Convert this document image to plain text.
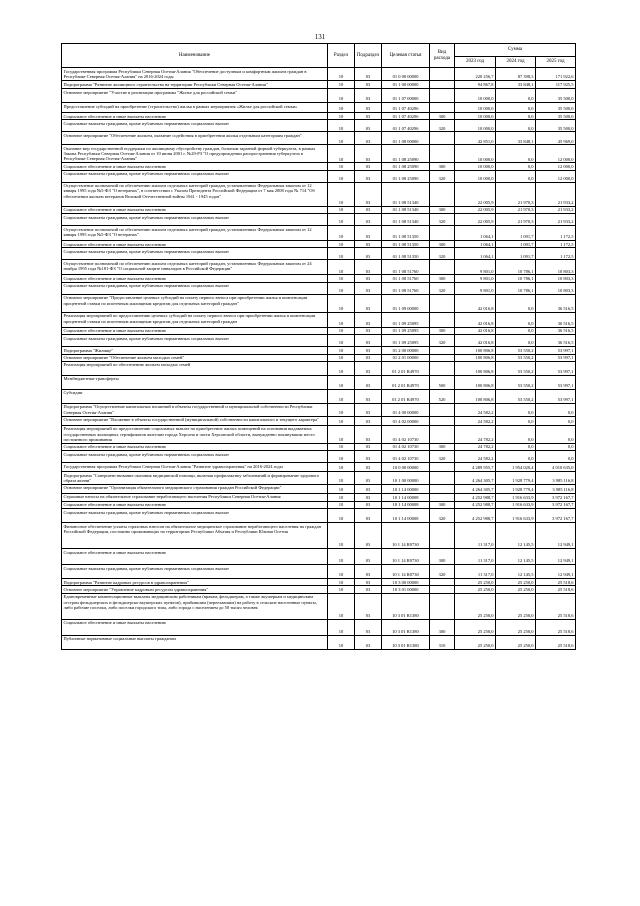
131
Наименование	Раздел	Подраздел	Целевая статья	Вид расхода	Сумма		
					2023 год	2024 год	2025 год
Государственная программа Республики Северная Осетия-Алания "Обеспечение доступным и комфортным жильем граждан в Республике Северная Осетия-Алания" на 2016-2024 годы	10	03	01 0 00 00000		220 256,7	87 398,3	171 922,6
Подпрограмма "Развитие жилищного строительства на территории Республики Северная Осетия-Алания"	10	03	01 1 00 00000		94 867,8	33 848,1	117 925,5
Основное мероприятие "Участие в реализации программы "Жилье для российской семьи"	10	03	01 1 07 00000		10 000,0	0,0	35 500,0
Предоставление субсидий на приобретение (строительство) жилья в рамках мероприятия «Жилье для российской семьи»	10	03	01 1 07 40296		10 000,0	0,0	35 500,0
Социальное обеспечение и иные выплаты населению	10	03	01 1 07 40296	300	10 000,0	0,0	35 500,0
Социальные выплаты гражданам, кроме публичных нормативных социальных выплат	10	03	01 1 07 40296	320	10 000,0	0,0	35 500,0
Основное мероприятие "Обеспечение жильем, оказание содействия в приобретении жилья отдельным категориям граждан"	10	03	01 1 08 00000		42 851,0	33 848,1	45 969,0
Оказание мер государственной поддержки по жилищному обустройству граждан, больным заразной формой туберкулеза, в рамках Закона Республики Северная Осетия-Алания от 10 июня 2001 г. №29-РЗ "О предупреждении распространения туберкулеза в Республике Северная Осетия-Алания"	10	03	01 1 08 25090		10 000,0	0,0	12 000,0
Социальное обеспечение и иные выплаты населению	10	03	01 1 08 25090	300	10 000,0	0,0	12 000,0
Социальные выплаты гражданам, кроме публичных нормативных социальных выплат	10	03	01 1 08 25090	320	10 000,0	0,0	12 000,0
Осуществление полномочий по обеспечению жильем отдельных категорий граждан, установленных Федеральным законом от 12 января 1995 года №5-ФЗ "О ветеранах", в соответствии с Указом Президента Российской Федерации от 7 мая 2008 года № 714 "Об обеспечении жильем ветеранов Великой Отечественной войны 1941 - 1945 годов"	10	03	01 1 08 51340		22 005,9	21 970,3	21 933,2
Социальное обеспечение и иные выплаты населению	10	03	01 1 08 51340	300	22 005,9	21 970,3	21 933,2
Социальные выплаты гражданам, кроме публичных нормативных социальных выплат	10	03	01 1 08 51340	320	22 005,9	21 970,3	21 933,2
Осуществление полномочий по обеспечению жильем отдельных категорий граждан, установленных Федеральным законом от 12 января 1995 года №5-ФЗ "О ветеранах"	10	03	01 1 08 51350		1 064,1	1 091,7	1 172,5
Социальное обеспечение и иные выплаты населению	10	03	01 1 08 51350	300	1 064,1	1 091,7	1 172,5
Социальные выплаты гражданам, кроме публичных нормативных социальных выплат	10	03	01 1 08 51350	320	1 064,1	1 091,7	1 172,5
Осуществление полномочий по обеспечению жильем отдельных категорий граждан, установленных Федеральным законом от 24 ноября 1995 года №181-ФЗ "О социальной защите инвалидов в Российской Федерации"	10	03	01 1 08 51760		9 801,0	10 786,1	10 803,3
Социальное обеспечение и иные выплаты населению	10	03	01 1 08 51760	300	9 801,0	10 786,1	10 803,3
Социальные выплаты гражданам, кроме публичных нормативных социальных выплат	10	03	01 1 08 51760	320	9 801,0	10 786,1	10 803,3
Основное мероприятие "Предоставление целевых субсидий на оплату первого взноса при приобретении жилья и компенсации процентной ставки по ипотечным жилищным кредитам для отдельных категорий граждан"	10	03	01 1 09 00000		42 016,8	0,0	36 516,5
Реализация мероприятий по предоставлению целевых субсидий на оплату первого взноса при приобретении жилья и компенсации процентной ставки по ипотечным жилищным кредитам для отдельных категорий граждан	10	03	01 1 09 25095		42 016,8	0,0	36 516,5
Социальное обеспечение и иные выплаты населению	10	03	01 1 09 25095	300	42 016,8	0,0	36 516,5
Социальные выплаты гражданам, кроме публичных нормативных социальных выплат	10	03	01 1 09 25095	320	42 016,8	0,0	36 516,5
Подпрограмма "Жилище"	10	03	01 2 00 00000		100 806,8	53 550,2	53 997,1
Основное мероприятие "Обеспечение жильем молодых семей"	10	03	01 2 01 00000		100 806,8	53 550,2	53 997,1
Реализация мероприятий по обеспечению жильем молодых семей	10	03	01 2 01 R4970		100 806,8	53 550,2	53 997,1
Межбюджетные трансферты	10	03	01 2 01 R4970	500	100 806,8	53 550,2	53 997,1
Субсидии	10	03	01 2 01 R4970	520	100 806,8	53 550,2	53 997,1
Подпрограмма "Осуществление капитальных вложений в объекты государственной и муниципальной собственности Республики Северная Осетия-Алания"	10	03	01 4 00 00000		24 582,2	0,0	0,0
Основное мероприятие "Вложение в объекты государственной (муниципальной) собственности капитального и текущего характера"	10	03	01 4 02 00000		24 582,2	0,0	0,0
Реализация мероприятий по предоставлению социальных выплат на приобретение жилых помещений на основании выдаваемых государственных жилищных сертификатов жителям города Херсона и части Херсонской области, вынужденно покинувшим место постоянного проживания	10	03	01 4 02 10730		24 782,2	0,0	0,0
Социальное обеспечение и иные выплаты населению	10	03	01 4 02 10730	300	24 782,2	0,0	0,0
Социальные выплаты гражданам, кроме публичных нормативных социальных выплат	10	03	01 4 02 10730	320	24 582,2	0,0	0,0
Государственная программа Республики Северная Осетия-Алания "Развитие здравоохранения" на 2016-2024 годы	10	03	10 0 00 00000		4 289 955,7	1 954 020,4	4 010 635,0
Подпрограмма "Совершенствование оказания медицинской помощи, включая профилактику заболеваний и формирование здорового образа жизни"	10	03	10 1 00 00000		4 264 305,7	1 928 779,4	3 985 116,8
Основное мероприятие "Организация обязательного медицинского страхования граждан Российской Федерации"	10	03	10 1 14 00000		4 264 305,7	1 928 779,4	3 985 116,8
Страховые взносы на обязательное страхование неработающего населения Республики Северная Осетия-Алания	10	03	10 1 14 00008		4 252 988,7	1 916 633,9	3 972 167,7
Социальное обеспечение и иные выплаты населению	10	03	10 1 14 00008	300	4 252 988,7	1 916 633,9	3 972 167,7
Социальные выплаты гражданам, кроме публичных нормативных социальных выплат	10	03	10 1 14 00008	320	4 252 988,7	1 916 633,9	3 972 167,7
Финансовое обеспечение уплаты страховых взносов на обязательное медицинское страхование неработающего населения на граждан Российской Федерации, постоянно проживающих на территориях Республики Абхазия и Республики Южная Осетия	10	03	10 1 14 R0730		11 317,0	12 145,5	12 949,1
Социальное обеспечение и иные выплаты населению	10	03	10 1 14 R0730	300	11 317,0	12 145,5	12 949,1
Социальные выплаты гражданам, кроме публичных нормативных социальных выплат	10	03	10 1 14 R0730	320	11 317,0	12 145,5	12 949,1
Подпрограмма "Развитие кадровых ресурсов в здравоохранении"	10	03	10 3 00 00000		25 250,0	25 250,0	25 518,6
Основное мероприятие "Управление кадровым ресурсом здравоохранения"	10	03	10 3 01 00000		25 250,0	25 250,0	25 518,6
Единовременные компенсационные выплаты медицинским работникам (врачам, фельдшерам, а также акушеркам и медицинским сестрам фельдшерских и фельдшерско-акушерских пунктов), прибывшим (переехавшим) на работу в сельские населенные пункты, либо рабочие поселки, либо поселки городского типа, либо города с населением до 50 тысяч человек	10	03	10 3 01 R1380		25 250,0	25 250,0	25 518,6
Социальное обеспечение и иные выплаты населению	10	03	10 3 01 R1380	300	25 250,0	25 250,0	25 518,6
Публичные нормативные социальные выплаты гражданам	10	03	10 3 01 R1380	310	25 250,0	25 250,0	25 518,6
